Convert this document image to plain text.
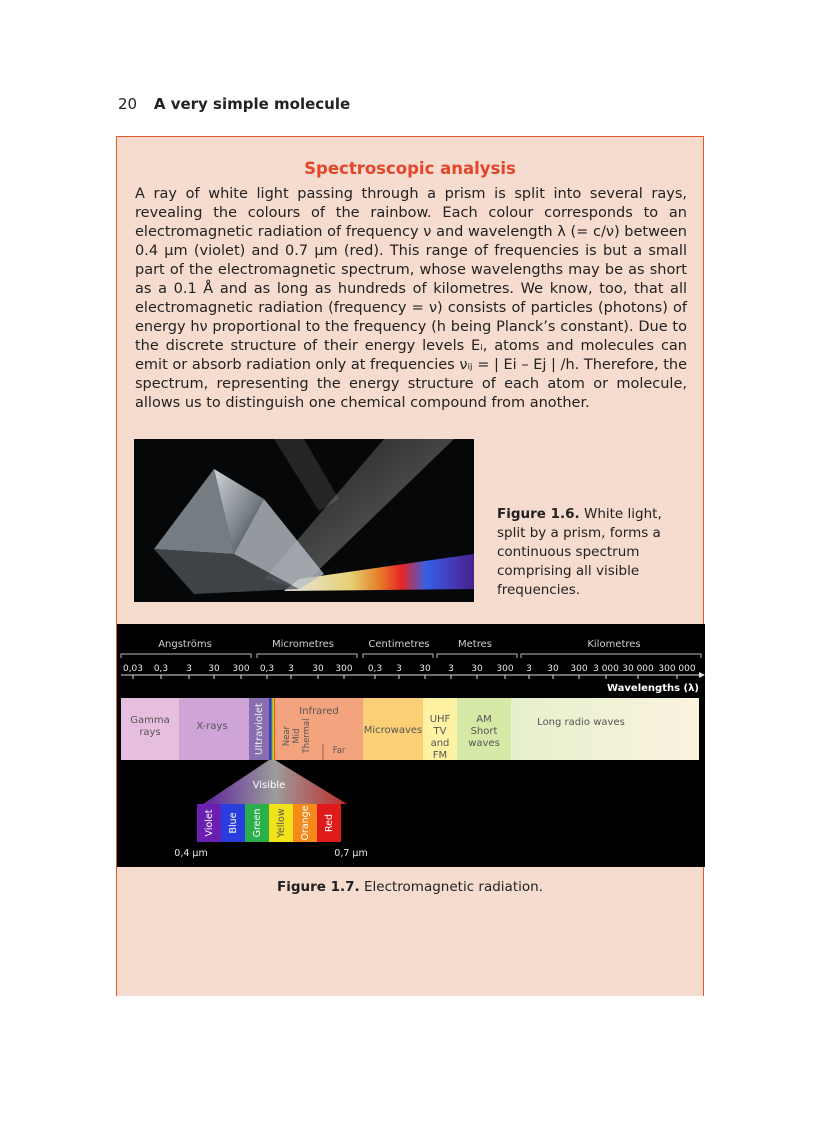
20 A very simple molecule
Spectroscopic analysis
A ray of white light passing through a prism is split into several rays, revealing the colours of the rainbow. Each colour corresponds to an electromagnetic radiation of frequency ν and wavelength λ (= c/ν) between 0.4 μm (violet) and 0.7 μm (red). This range of frequencies is but a small part of the electromagnetic spectrum, whose wavelengths may be as short as a 0.1 Å and as long as hundreds of kilometres. We know, too, that all electromagnetic radiation (frequency = ν) consists of particles (photons) of energy hν proportional to the frequency (h being Planck’s constant). Due to the discrete structure of their energy levels Eᵢ, atoms and molecules can emit or absorb radiation only at frequencies νᵢⱼ = | Ei – Ej | /h. Therefore, the spectrum, representing the energy structure of each atom or molecule, allows us to distinguish one chemical compound from another.
Figure 1.6. White light, split by a prism, forms a continuous spectrum comprising all visible frequencies.
Angströms	Micrometres	Centimetres	Metres	Kilometres
0,03 0,3 3 30 300 0,3 3 30 300 0,3 3 30 3 30 300 3 30 300 3 000 30 000 300 000
Wavelengths (λ)
Gamma rays
X-rays	Ultraviolet	Infrared
Near Mid Thermal Far
Microwaves
UHF
TV
and
FM
AM
Short
waves
Long radio waves
Visible
Violet Blue Green Yellow Orange Red
0,4 μm	0,7 μm
Figure 1.7. Electromagnetic radiation.
